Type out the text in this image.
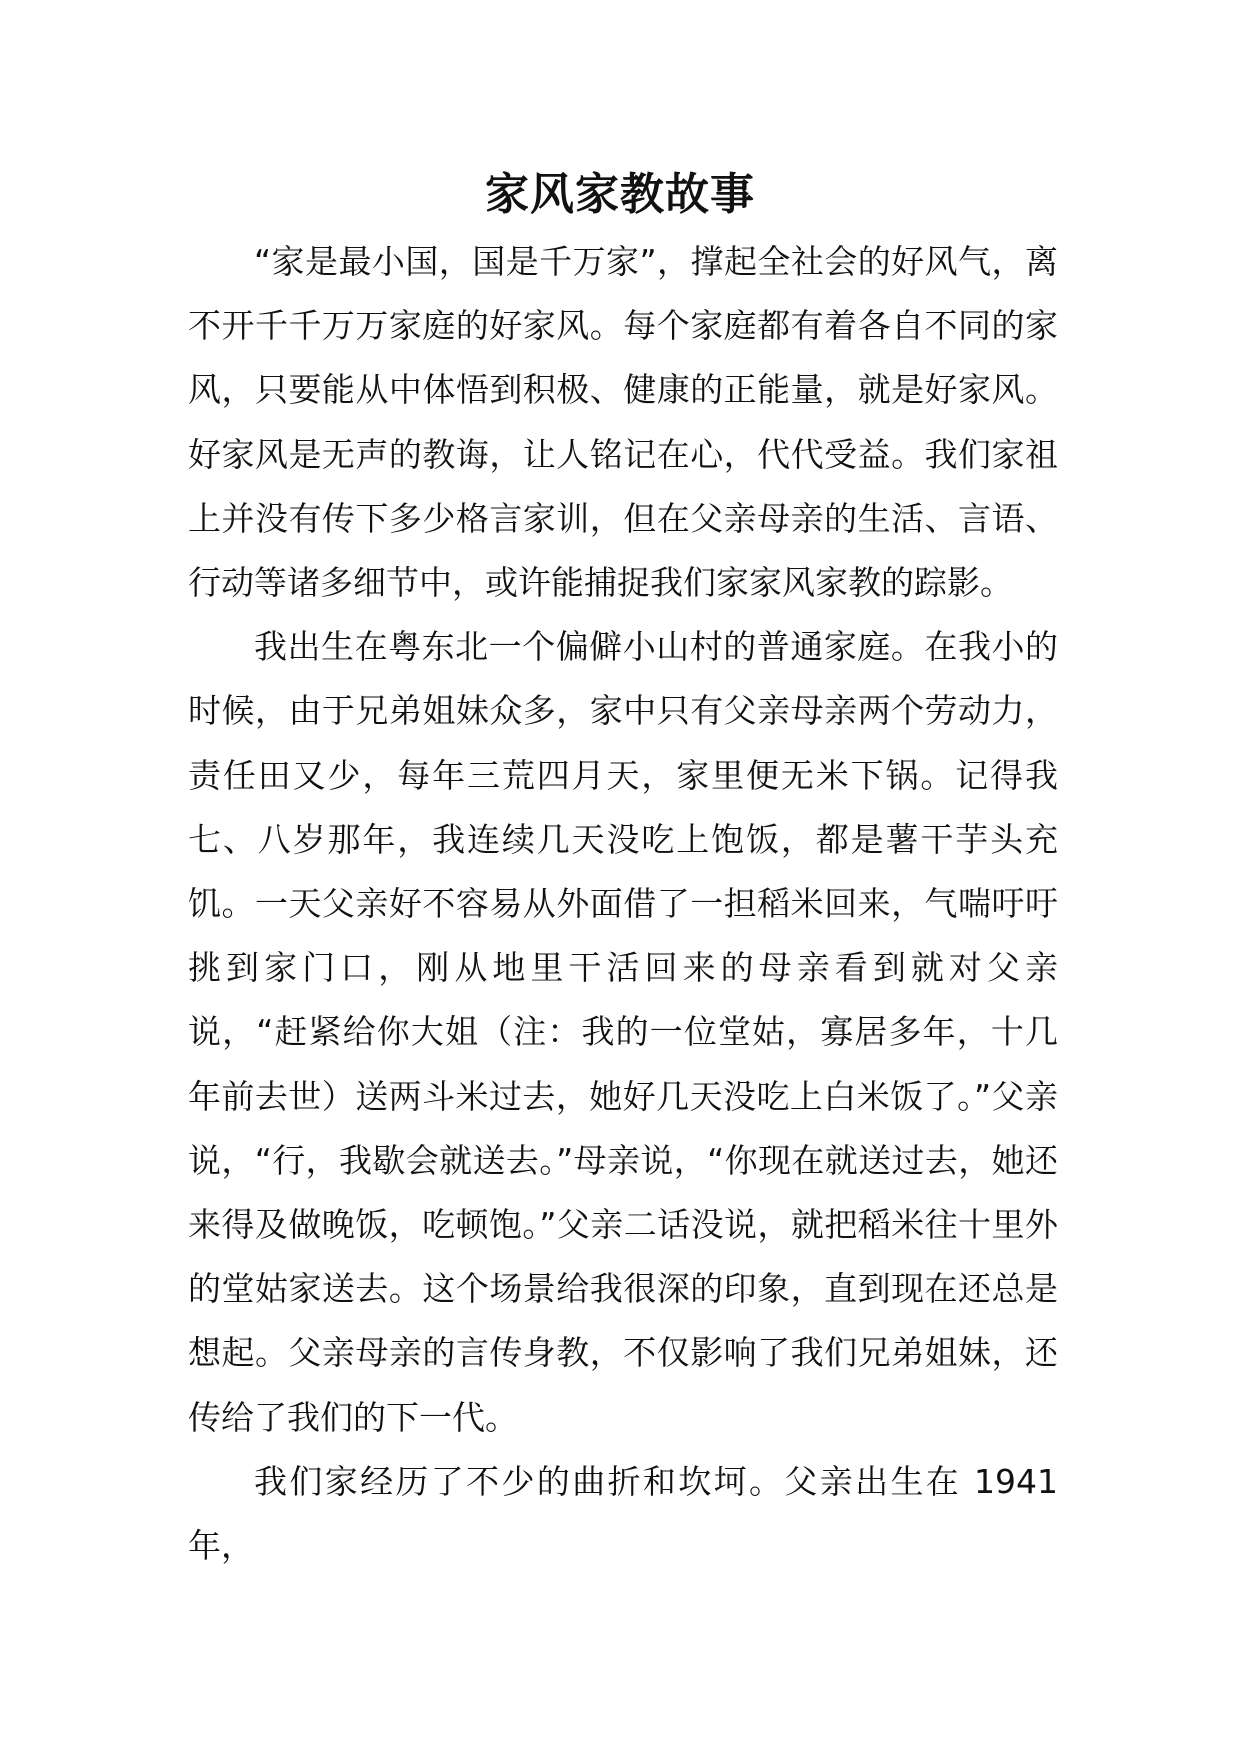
家风家教故事

“家是最小国，国是千万家”，撑起全社会的好风气，离不开千千万万家庭的好家风。每个家庭都有着各自不同的家风，只要能从中体悟到积极、健康的正能量，就是好家风。好家风是无声的教诲，让人铭记在心，代代受益。我们家祖上并没有传下多少格言家训，但在父亲母亲的生活、言语、行动等诸多细节中，或许能捕捉我们家家风家教的踪影。

我出生在粤东北一个偏僻小山村的普通家庭。在我小的时候，由于兄弟姐妹众多，家中只有父亲母亲两个劳动力，责任田又少，每年三荒四月天，家里便无米下锅。记得我七、八岁那年，我连续几天没吃上饱饭，都是薯干芋头充饥。一天父亲好不容易从外面借了一担稻米回来，气喘吁吁挑到家门口，刚从地里干活回来的母亲看到就对父亲说，“赶紧给你大姐（注：我的一位堂姑，寡居多年，十几年前去世）送两斗米过去，她好几天没吃上白米饭了。”父亲说，“行，我歇会就送去。”母亲说，“你现在就送过去，她还来得及做晚饭，吃顿饱。”父亲二话没说，就把稻米往十里外的堂姑家送去。这个场景给我很深的印象，直到现在还总是想起。父亲母亲的言传身教，不仅影响了我们兄弟姐妹，还传给了我们的下一代。

我们家经历了不少的曲折和坎坷。父亲出生在 1941 年，
